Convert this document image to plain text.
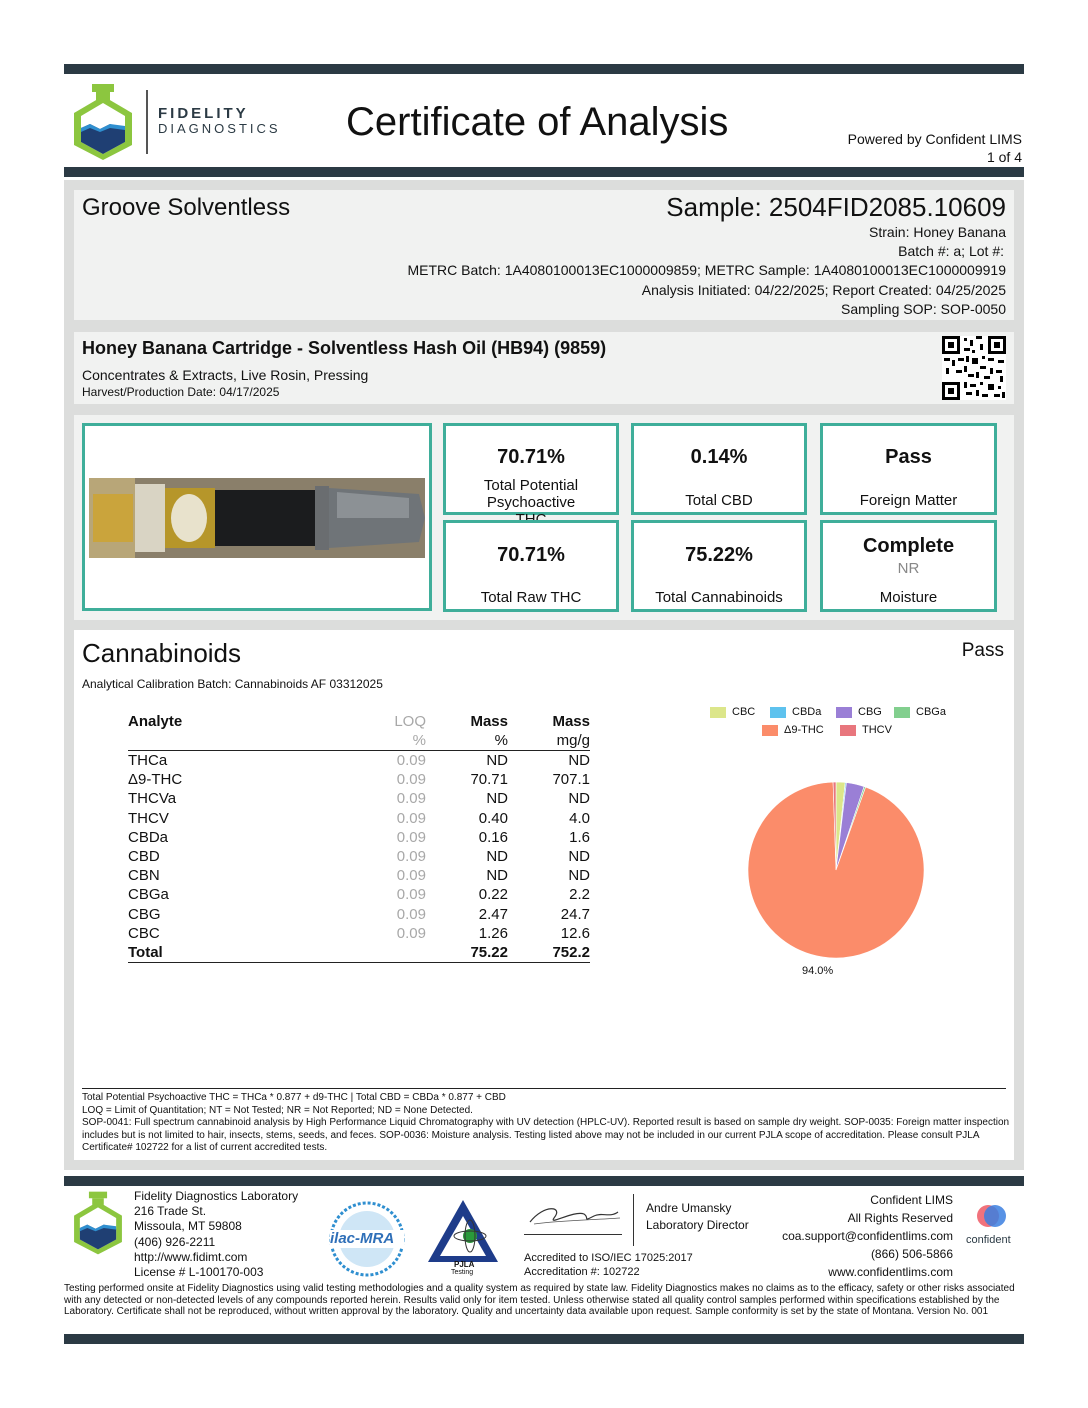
FIDELITY
DIAGNOSTICS Certificate of Analysis	Powered by Confident LIMS
1 of 4
Groove Solventless	Sample: 2504FID2085.10609
Strain: Honey Banana
Batch #: a; Lot #:
METRC Batch: 1A4080100013EC1000009859; METRC Sample: 1A4080100013EC1000009919
Analysis Initiated: 04/22/2025; Report Created: 04/25/2025
Sampling SOP: SOP-0050
Honey Banana Cartridge - Solventless Hash Oil (HB94) (9859)
Concentrates & Extracts, Live Rosin, Pressing
Harvest/Production Date: 04/17/2025
70.71%
Total Potential Psychoactive
0.14%
Total CBD
Pass
Foreign Matter
70.71%
Total Raw THC
75.22%
Total Cannabinoids
Complete
NR
Moisture
Cannabinoids	Pass
Analytical Calibration Batch: Cannabinoids AF 03312025
Analyte	LOQ	Mass	Mass
	%	%	mg/g
THCa	0.09	ND	ND
Δ9-THC	0.09	70.71	707.1
THCVa	0.09	ND	ND
THCV	0.09	0.40	4.0
CBDa	0.09	0.16	1.6
CBD	0.09	ND	ND
CBN	0.09	ND	ND
CBGa	0.09	0.22	2.2
CBG	0.09	2.47	24.7
CBC	0.09	1.26	12.6
Total		75.22	752.2
CBC	CBDa	CBG	CBGa
Δ9-THC	THCV
94.0%
Total Potential Psychoactive THC = THCa * 0.877 + d9-THC | Total CBD = CBDa * 0.877 + CBD
LOQ = Limit of Quantitation; NT = Not Tested; NR = Not Reported; ND = None Detected.
SOP-0041: Full spectrum cannabinoid analysis by High Performance Liquid Chromatography with UV detection (HPLC-UV). Reported result is based on sample dry weight. SOP-0035: Foreign matter inspection includes but is not limited to hair, insects, stems, seeds, and feces. SOP-0036: Moisture analysis. Testing listed above may not be included in our current PJLA scope of accreditation. Please consult PJLA Certificate# 102722 for a list of current accredited tests.
Fidelity Diagnostics Laboratory
216 Trade St.
Missoula, MT 59808
(406) 926-2211
http://www.fidimt.com
License # L-100170-003
ilac-MRA
PJLA
Testing
Andre Umansky
Laboratory Director
Accredited to ISO/IEC 17025:2017
Accreditation #: 102722
Confident LIMS
All Rights Reserved
coa.support@confidentlims.com
(866) 506-5866
www.confidentlims.com
confident
Testing performed onsite at Fidelity Diagnostics using valid testing methodologies and a quality system as required by state law. Fidelity Diagnostics makes no claims as to the efficacy, safety or other risks associated with any detected or non-detected levels of any compounds reported herein. Results valid only for item tested. Unless otherwise stated all quality control samples performed within specifications established by the Laboratory. Certificate shall not be reproduced, without written approval by the laboratory. Quality and uncertainty data available upon request. Sample conformity is set by the state of Montana. Version No. 001
